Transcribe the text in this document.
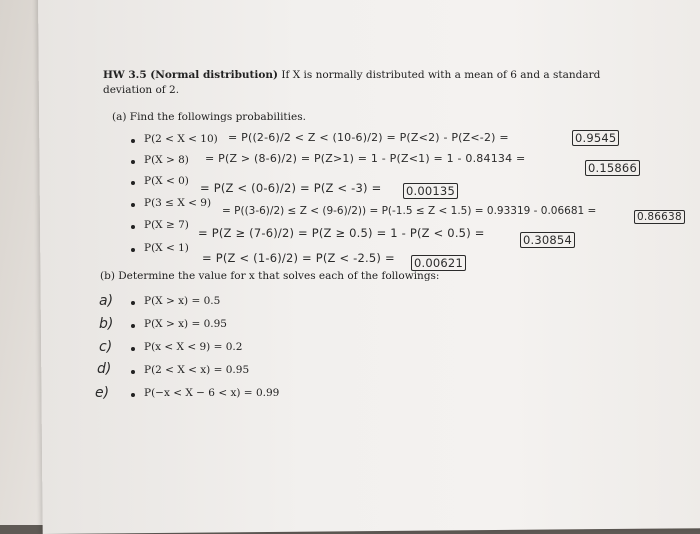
HW 3.5 (Normal distribution) If X is normally distributed with a mean of 6 and a standard
deviation of 2.
(a) Find the followings probabilities.
P(2 < X < 10) = P((2-6)/2 < Z < (10-6)/2) = P(Z<2) - P(Z<-2) =	0.9545
P(X > 8) = P(Z > (8-6)/2) = P(Z>1) = 1 - P(Z<1) = 1 - 0.84134 =
0.15866
P(X < 0) = P(Z < (0-6)/2) = P(Z < -3) = 0.00135
P(3 ≤ X < 9)
= P((3-6)/2) ≤ Z < (9-6)/2)) = P(-1.5 ≤ Z < 1.5) = 0.93319 - 0.06681 =	0.86638
P(X ≥ 7)
= P(Z ≥ (7-6)/2) = P(Z ≥ 0.5) = 1 - P(Z < 0.5) =	0.30854
P(X < 1)
= P(Z < (1-6)/2) = P(Z < -2.5) = 0.00621
(b) Determine the value for x that solves each of the followings:
a)	P(X > x) = 0.5
b)	P(X > x) = 0.95
c)	P(x < X < 9) = 0.2
d)	P(2 < X < x) = 0.95
e)	P(−x < X − 6 < x) = 0.99
